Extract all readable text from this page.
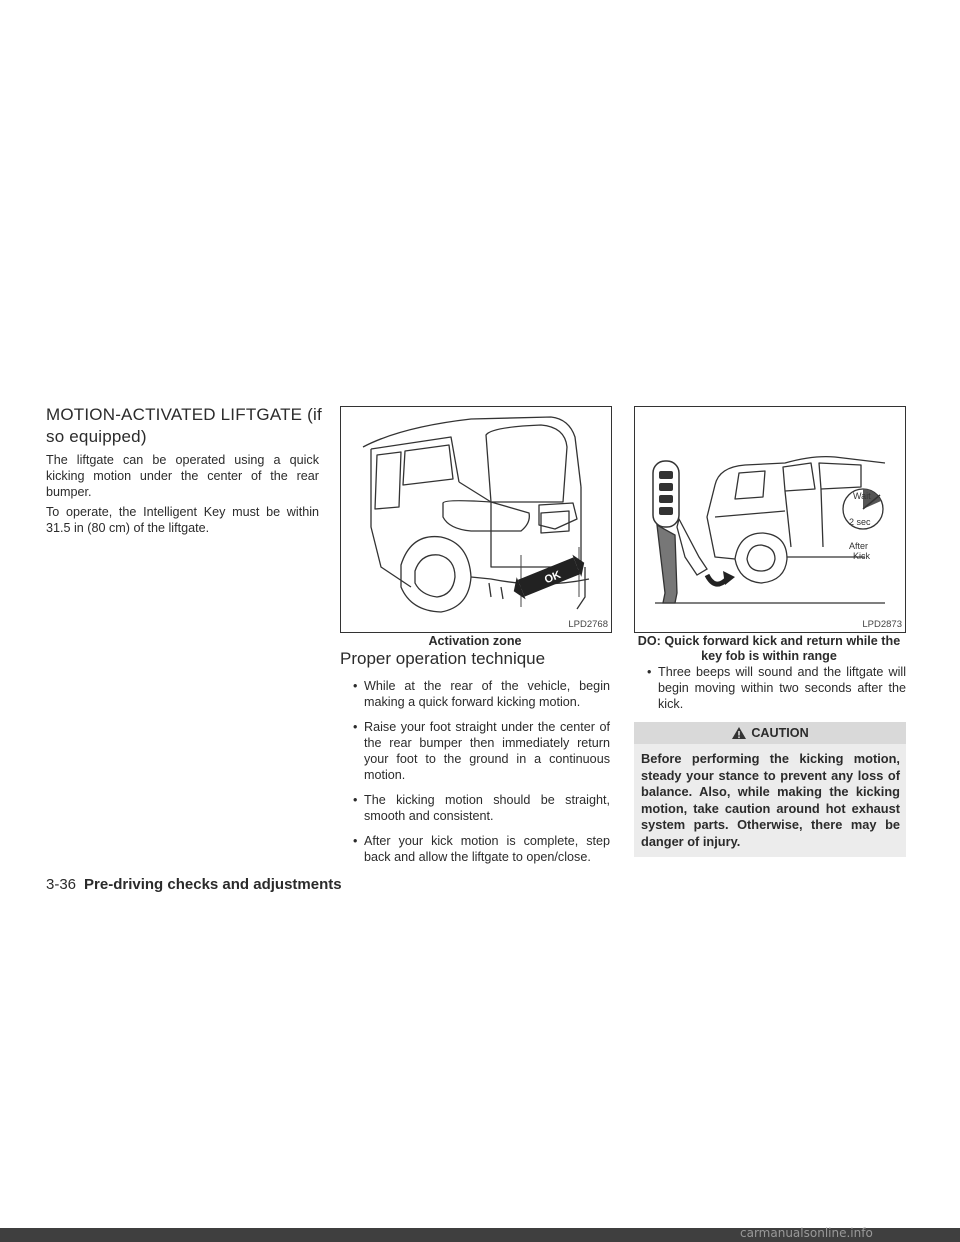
MOTION-ACTIVATED LIFTGATE (if so equipped)
The liftgate can be operated using a quick kicking motion under the center of the rear bumper.
To operate, the Intelligent Key must be within 31.5 in (80 cm) of the liftgate.
OK
LPD2768
Activation zone
Proper operation technique
• While at the rear of the vehicle, begin making a quick forward kicking motion.
• Raise your foot straight under the center of the rear bumper then immediately return your foot to the ground in a continuous motion.
• The kicking motion should be straight, smooth and consistent.
• After your kick motion is complete, step back and allow the liftgate to open/close.
Wait
2 sec
After
Kick
LPD2873
DO: Quick forward kick and return while the key fob is within range
• Three beeps will sound and the liftgate will begin moving within two seconds after the kick.
CAUTION
Before performing the kicking motion, steady your stance to prevent any loss of balance. Also, while making the kicking motion, take caution around hot exhaust system parts. Otherwise, there may be danger of injury.
3-36 Pre-driving checks and adjustments
carmanualsonline.info
